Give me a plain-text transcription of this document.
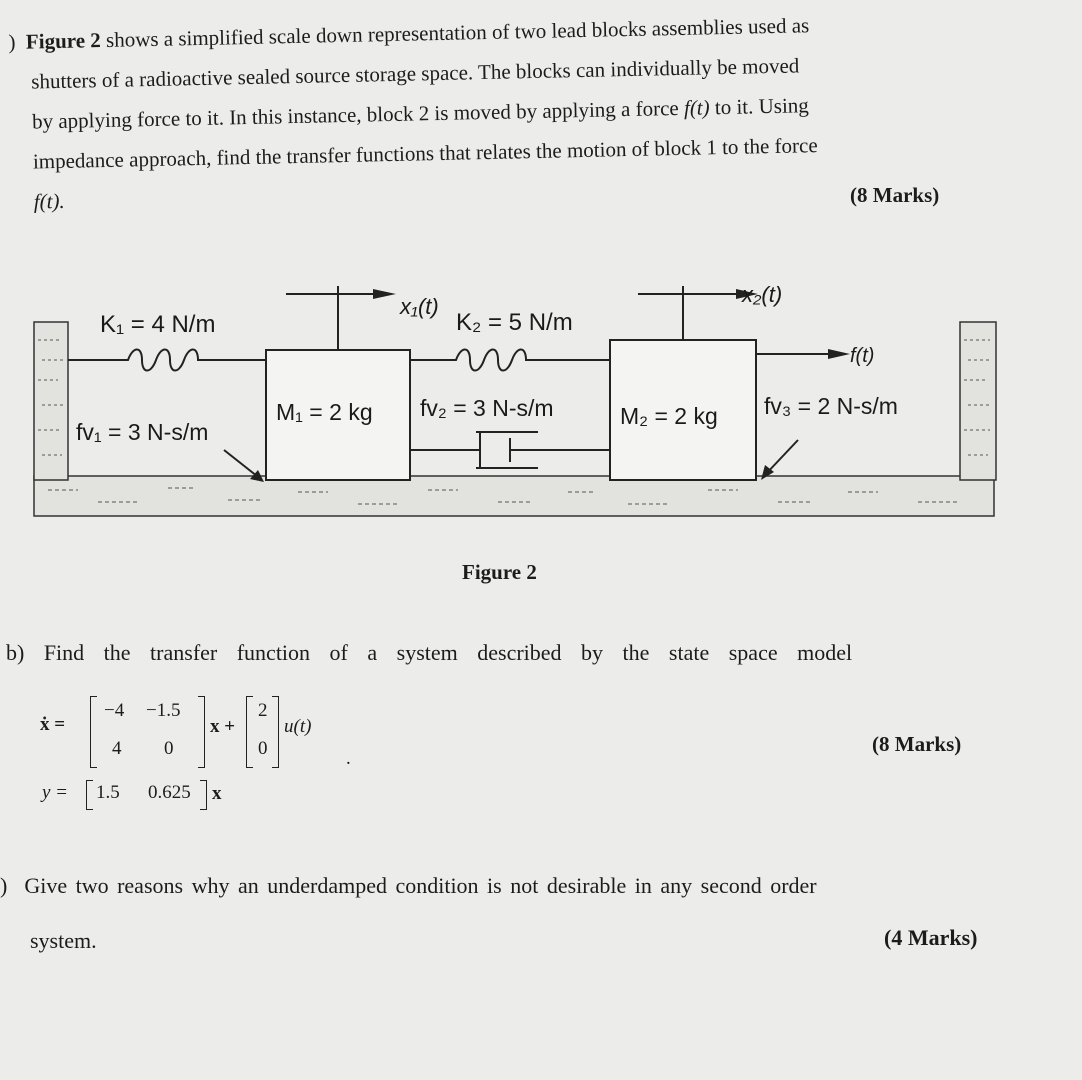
) Figure 2 shows a simplified scale down representation of two lead blocks assemblies used as
shutters of a radioactive sealed source storage space. The blocks can individually be moved
by applying force to it. In this instance, block 2 is moved by applying a force f(t) to it. Using
impedance approach, find the transfer functions that relates the motion of block 1 to the force
f(t).	(8 Marks)
K₁ = 4 N/m
x₁(t)
K₂ = 5 N/m
x₂(t)
f(t)
fv₁ = 3 N-s/m
M₁ = 2 kg fv₂ = 3 N-s/m	M₂ = 2 kg fv₃ = 2 N-s/m
Figure 2
b) Find the transfer function of a system described by the state space model
ẋ =
−4 −1.5
4 0
x +
2
0
u(t)
.
y = 1.5 0.625 x
(8 Marks)
) Give two reasons why an underdamped condition is not desirable in any second order
system.	(4 Marks)
